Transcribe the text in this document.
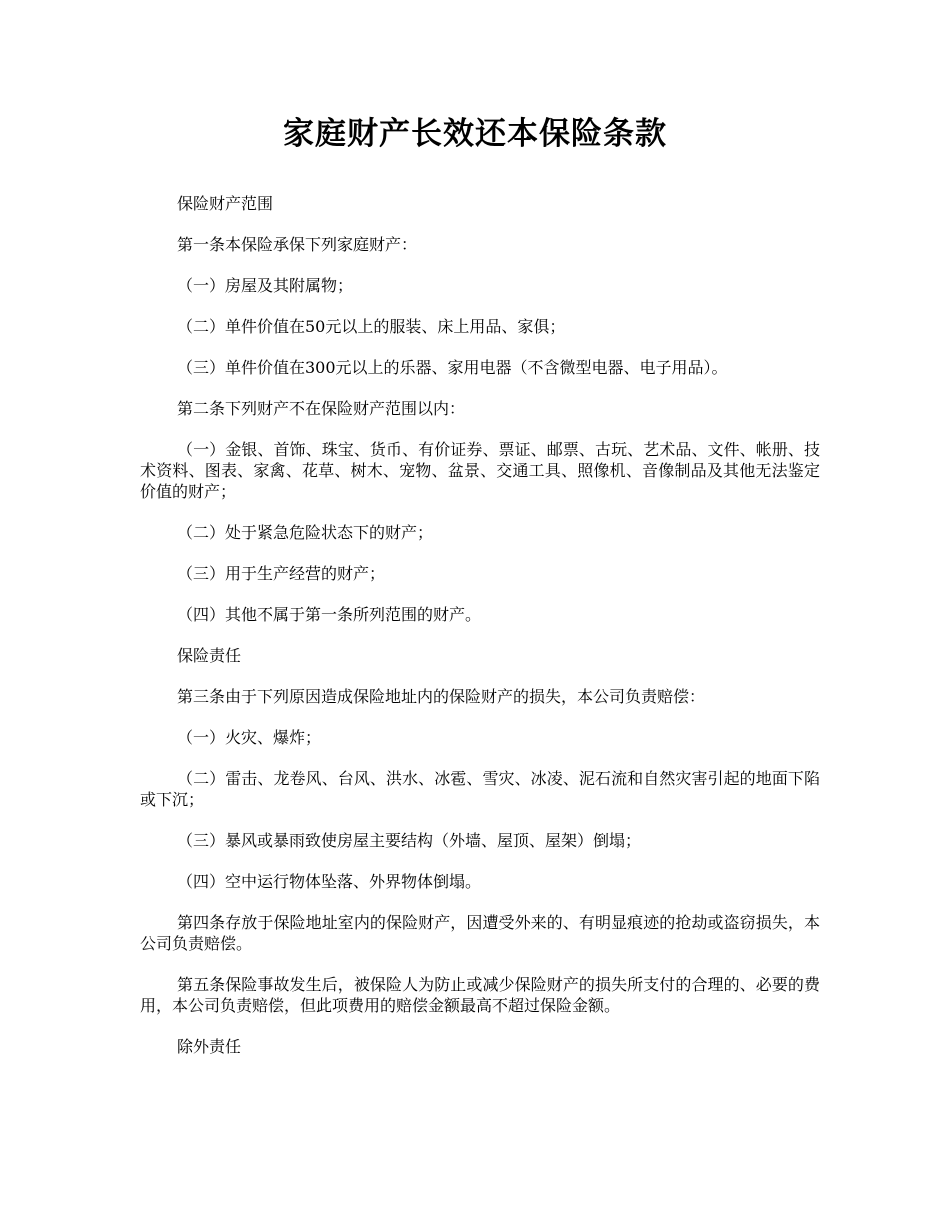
家庭财产长效还本保险条款

保险财产范围

第一条本保险承保下列家庭财产：

（一）房屋及其附属物；

（二）单件价值在50元以上的服装、床上用品、家俱；

（三）单件价值在300元以上的乐器、家用电器（不含微型电器、电子用品）。

第二条下列财产不在保险财产范围以内：

（一）金银、首饰、珠宝、货币、有价证券、票证、邮票、古玩、艺术品、文件、帐册、技术资料、图表、家禽、花草、树木、宠物、盆景、交通工具、照像机、音像制品及其他无法鉴定价值的财产；

（二）处于紧急危险状态下的财产；

（三）用于生产经营的财产；

（四）其他不属于第一条所列范围的财产。

保险责任

第三条由于下列原因造成保险地址内的保险财产的损失，本公司负责赔偿：

（一）火灾、爆炸；

（二）雷击、龙卷风、台风、洪水、冰雹、雪灾、冰凌、泥石流和自然灾害引起的地面下陷或下沉；

（三）暴风或暴雨致使房屋主要结构（外墙、屋顶、屋架）倒塌；

（四）空中运行物体坠落、外界物体倒塌。

第四条存放于保险地址室内的保险财产，因遭受外来的、有明显痕迹的抢劫或盗窃损失，本公司负责赔偿。

第五条保险事故发生后，被保险人为防止或减少保险财产的损失所支付的合理的、必要的费用，本公司负责赔偿，但此项费用的赔偿金额最高不超过保险金额。

除外责任
